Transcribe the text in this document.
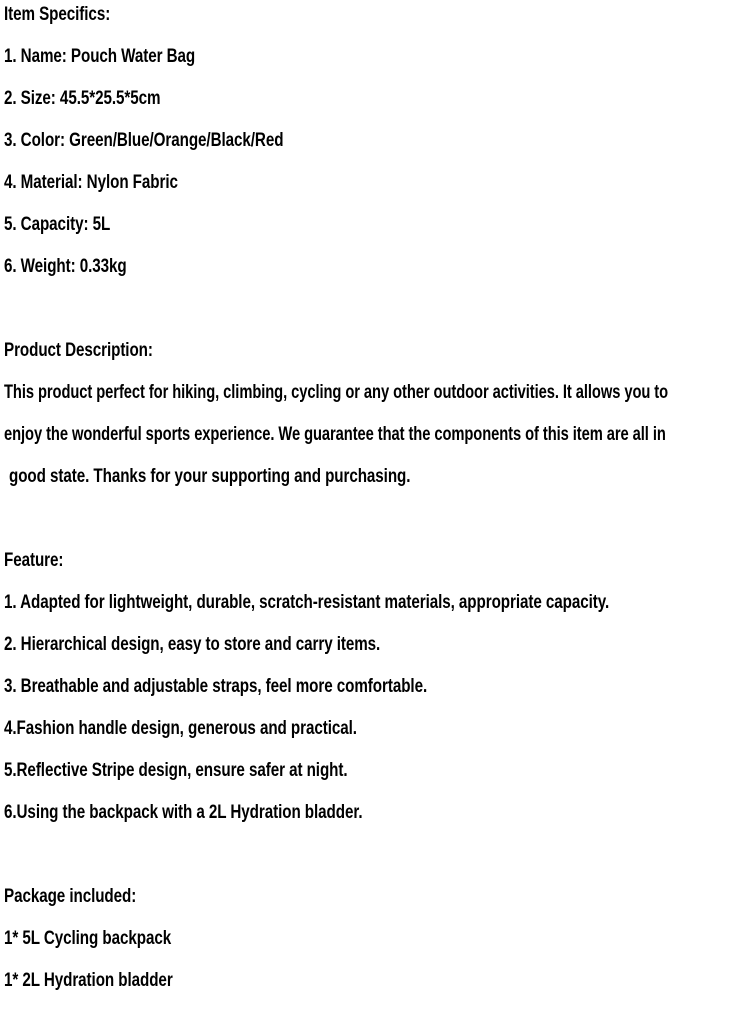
Item Specifics:
1. Name: Pouch Water Bag
2. Size: 45.5*25.5*5cm
3. Color: Green/Blue/Orange/Black/Red
4. Material: Nylon Fabric
5. Capacity: 5L
6. Weight: 0.33kg
Product Description:
This product perfect for hiking, climbing, cycling or any other outdoor activities. It allows you to
enjoy the wonderful sports experience. We guarantee that the components of this item are all in
good state. Thanks for your supporting and purchasing.
Feature:
1. Adapted for lightweight, durable, scratch-resistant materials, appropriate capacity.
2. Hierarchical design, easy to store and carry items.
3. Breathable and adjustable straps, feel more comfortable.
4.Fashion handle design, generous and practical.
5.Reflective Stripe design, ensure safer at night.
6.Using the backpack with a 2L Hydration bladder.
Package included:
1* 5L Cycling backpack
1* 2L Hydration bladder
